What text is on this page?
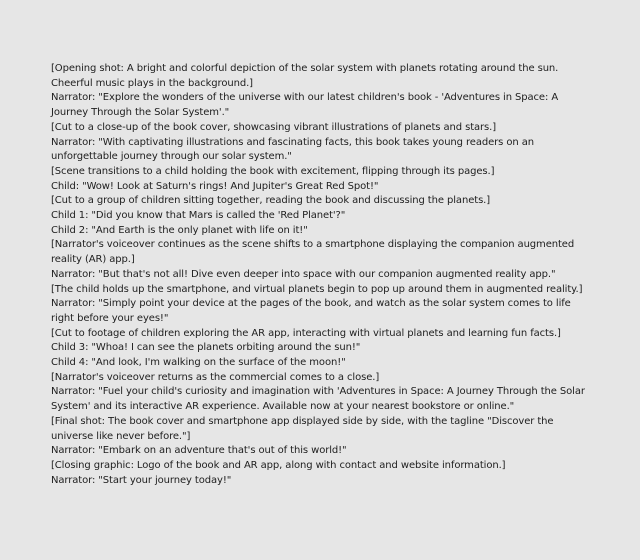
[Opening shot: A bright and colorful depiction of the solar system with planets rotating around the sun. Cheerful music plays in the background.]

Narrator: "Explore the wonders of the universe with our latest children's book - 'Adventures in Space: A Journey Through the Solar System'."

[Cut to a close-up of the book cover, showcasing vibrant illustrations of planets and stars.]

Narrator: "With captivating illustrations and fascinating facts, this book takes young readers on an unforgettable journey through our solar system."

[Scene transitions to a child holding the book with excitement, flipping through its pages.]

Child: "Wow! Look at Saturn's rings! And Jupiter's Great Red Spot!"

[Cut to a group of children sitting together, reading the book and discussing the planets.]

Child 1: "Did you know that Mars is called the 'Red Planet'?"

Child 2: "And Earth is the only planet with life on it!"

[Narrator's voiceover continues as the scene shifts to a smartphone displaying the companion augmented reality (AR) app.]

Narrator: "But that's not all! Dive even deeper into space with our companion augmented reality app."

[The child holds up the smartphone, and virtual planets begin to pop up around them in augmented reality.]

Narrator: "Simply point your device at the pages of the book, and watch as the solar system comes to life right before your eyes!"

[Cut to footage of children exploring the AR app, interacting with virtual planets and learning fun facts.]

Child 3: "Whoa! I can see the planets orbiting around the sun!"

Child 4: "And look, I'm walking on the surface of the moon!"

[Narrator's voiceover returns as the commercial comes to a close.]

Narrator: "Fuel your child's curiosity and imagination with 'Adventures in Space: A Journey Through the Solar System' and its interactive AR experience. Available now at your nearest bookstore or online."

[Final shot: The book cover and smartphone app displayed side by side, with the tagline "Discover the universe like never before."]

Narrator: "Embark on an adventure that's out of this world!"

[Closing graphic: Logo of the book and AR app, along with contact and website information.]

Narrator: "Start your journey today!"
